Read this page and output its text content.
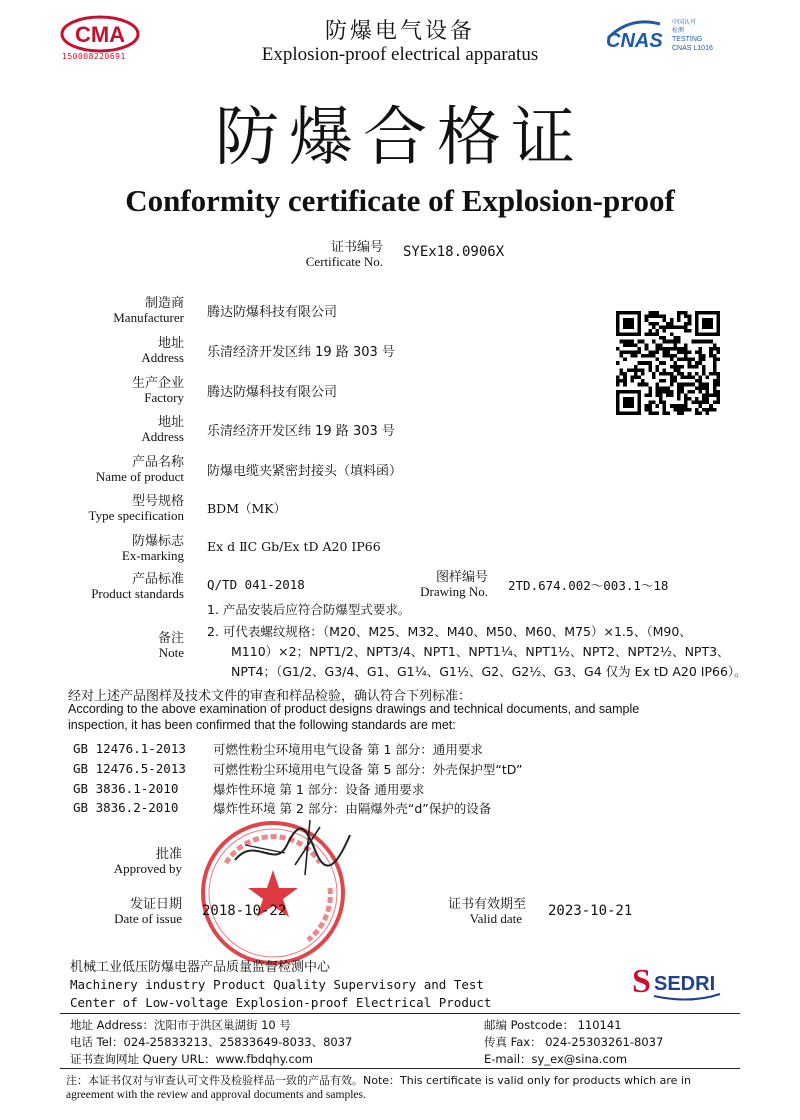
CMA
150008220691
防爆电气设备
Explosion-proof electrical apparatus
CNAS
中国认可
检测
TESTING
CNAS L1016
防爆合格证
Conformity certificate of Explosion-proof
证书编号
Certificate No.
SYEx18.0906X
制造商
Manufacturer 腾达防爆科技有限公司
地址
Address 乐清经济开发区纬 19 路 303 号
生产企业
Factory 腾达防爆科技有限公司
地址
Address 乐清经济开发区纬 19 路 303 号
产品名称
Name of product 防爆电缆夹紧密封接头（填料函）
型号规格
Type specification BDM（MK）
防爆标志
Ex-marking
Ex d ⅡC Gb/Ex tD A20 IP66
产品标准
Product standards
Q/TD 041-2018	图样编号
Drawing No. 2TD.674.002～003.1～18
备注
Note
1. 产品安装后应符合防爆型式要求。
2. 可代表螺纹规格：（M20、M25、M32、M40、M50、M60、M75）×1.5、（M90、
M110）×2；NPT1/2、NPT3/4、NPT1、NPT1¼、NPT1½、NPT2、NPT2½、NPT3、
NPT4；（G1/2、G3/4、G1、G1¼、G1½、G2、G2½、G3、G4 仅为 Ex tD A20 IP66）。
经对上述产品图样及技术文件的审查和样品检验，确认符合下列标准：
According to the above examination of product designs drawings and technical documents, and sample
inspection, it has been confirmed that the following standards are met:
GB 12476.1-2013 可燃性粉尘环境用电气设备 第 1 部分：通用要求
GB 12476.5-2013 可燃性粉尘环境用电气设备 第 5 部分：外壳保护型“tD”
GB 3836.1-2010	爆炸性环境 第 1 部分：设备 通用要求
GB 3836.2-2010	爆炸性环境 第 2 部分：由隔爆外壳“d”保护的设备
批准
Approved by
发证日期
Date of issue 2018-10-22	证书有效期至
Valid date 2023-10-21
机械工业低压防爆电器产品质量监督检测中心
Machinery industry Product Quality Supervisory and Test
Center of Low-voltage Explosion-proof Electrical Product
S SEDRI
地址 Address：沈阳市于洪区巢湖街 10 号	邮编 Postcode： 110141
电话 Tel：024-25833213、25833649-8033、8037	传真 Fax： 024-25303261-8037
证书查询网址 Query URL：www.fbdqhy.com	E-mail：sy_ex@sina.com
注：本证书仅对与审查认可文件及检验样品一致的产品有效。Note：This certificate is valid only for products which are in
agreement with the review and approval documents and samples.
